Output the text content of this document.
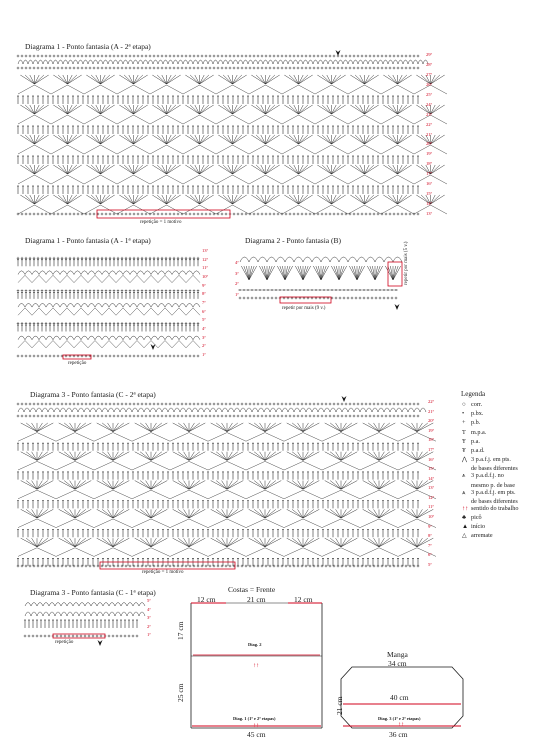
Diagrama 1 - Ponto fantasia (A - 2ª etapa)
Diagrama 1 - Ponto fantasia (A - 1ª etapa)	Diagrama 2 - Ponto fantasia (B)
Diagrama 3 - Ponto fantasia (C - 2ª etapa)
Diagrama 3 - Ponto fantasia (C - 1ª etapa)
repetição = 1 motivo
repetição = 1 motivo
repetição
repetição
repetir por mais (9 v.)
repetir por mais (5 v.)
↑↑
↑↑	↑↑
29ª
28ª
27ª
26ª
25ª
24ª
23ª
22ª
21ª
20ª
19ª
18ª
17ª
16ª
15ª
14ª
13ª
13ª
12ª
11ª
10ª
9ª
8ª
7ª
6ª
5ª
4ª
3ª
2ª
1ª
4ª
3ª
2ª
1ª
22ª
21ª
20ª
19ª
18ª
17ª
16ª
15ª
14ª
13ª
12ª
11ª
10ª
9ª
8ª
7ª
6ª
5ª
5ª
4ª
3ª
2ª
1ª
Legenda
○ corr.
• p.bx.
+ p.b.
T m.p.a.
Ŧ p.a.
₮ p.a.d.
⋀ 3 p.a.f.j. em pts.
de bases diferentes
⩚ 3 p.a.d.f.j. no
mesmo p. de base
⩓ 3 p.a.d.f.j. em pts.
de bases diferentes
↑↑ sentido do trabalho
♣ picô
▲ início
△ arremate
Costas = Frente
12 cm	21 cm	12 cm
17 cm
25 cm
45 cm
Diag. 2
Diag. 1 (1ª e 2ª etapas)
Manga
34 cm
40 cm
21 cm
36 cm
Diag. 3 (1ª e 2ª etapas)
